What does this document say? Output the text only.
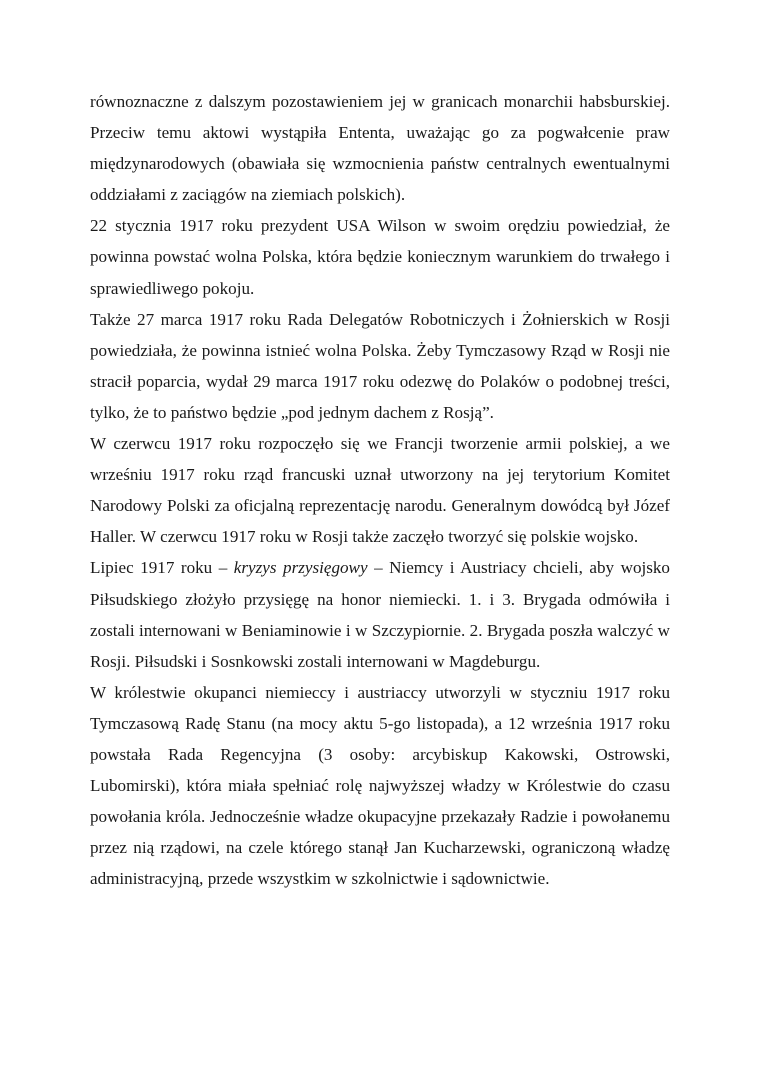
równoznaczne z dalszym pozostawieniem jej w granicach monarchii habsburskiej. Przeciw temu aktowi wystąpiła Ententa, uważając go za pogwałcenie praw międzynarodowych (obawiała się wzmocnienia państw centralnych ewentualnymi oddziałami z zaciągów na ziemiach polskich).

22 stycznia 1917 roku prezydent USA Wilson w swoim orędziu powiedział, że powinna powstać wolna Polska, która będzie koniecznym warunkiem do trwałego i sprawiedliwego pokoju.

Także 27 marca 1917 roku Rada Delegatów Robotniczych i Żołnierskich w Rosji powiedziała, że powinna istnieć wolna Polska. Żeby Tymczasowy Rząd w Rosji nie stracił poparcia, wydał 29 marca 1917 roku odezwę do Polaków o podobnej treści, tylko, że to państwo będzie „pod jednym dachem z Rosją”.

W czerwcu 1917 roku rozpoczęło się we Francji tworzenie armii polskiej, a we wrześniu 1917 roku rząd francuski uznał utworzony na jej terytorium Komitet Narodowy Polski za oficjalną reprezentację narodu. Generalnym dowódcą był Józef Haller. W czerwcu 1917 roku w Rosji także zaczęło tworzyć się polskie wojsko.

Lipiec 1917 roku – kryzys przysięgowy – Niemcy i Austriacy chcieli, aby wojsko Piłsudskiego złożyło przysięgę na honor niemiecki. 1. i 3. Brygada odmówiła i zostali internowani w Beniaminowie i w Szczypiornie. 2. Brygada poszła walczyć w Rosji. Piłsudski i Sosnkowski zostali internowani w Magdeburgu.

W królestwie okupanci niemieccy i austriaccy utworzyli w styczniu 1917 roku Tymczasową Radę Stanu (na mocy aktu 5-go listopada), a 12 września 1917 roku powstała Rada Regencyjna (3 osoby: arcybiskup Kakowski, Ostrowski, Lubomirski), która miała spełniać rolę najwyższej władzy w Królestwie do czasu powołania króla. Jednocześnie władze okupacyjne przekazały Radzie i powołanemu przez nią rządowi, na czele którego stanął Jan Kucharzewski, ograniczoną władzę administracyjną, przede wszystkim w szkolnictwie i sądownictwie.
